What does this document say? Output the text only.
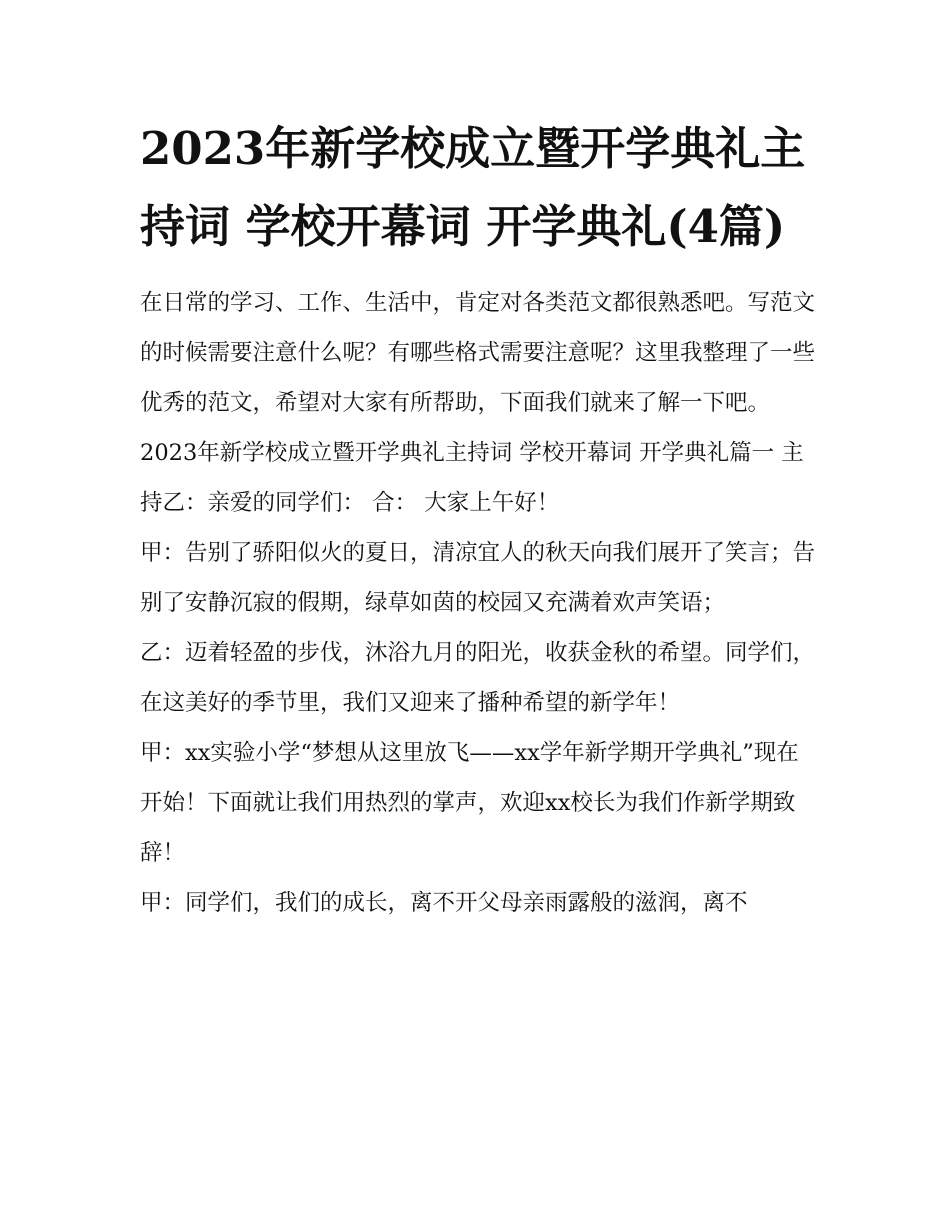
2023年新学校成立暨开学典礼主持词 学校开幕词 开学典礼(4篇)

在日常的学习、工作、生活中，肯定对各类范文都很熟悉吧。写范文的时候需要注意什么呢？有哪些格式需要注意呢？这里我整理了一些优秀的范文，希望对大家有所帮助，下面我们就来了解一下吧。

2023年新学校成立暨开学典礼主持词 学校开幕词 开学典礼篇一 主持乙：亲爱的同学们： 合： 大家上午好！

甲：告别了骄阳似火的夏日，清凉宜人的秋天向我们展开了笑言；告别了安静沉寂的假期，绿草如茵的校园又充满着欢声笑语；

乙：迈着轻盈的步伐，沐浴九月的阳光，收获金秋的希望。同学们，在这美好的季节里，我们又迎来了播种希望的新学年！

甲：xx实验小学“梦想从这里放飞——xx学年新学期开学典礼”现在开始！下面就让我们用热烈的掌声，欢迎xx校长为我们作新学期致辞！

甲：同学们，我们的成长，离不开父母亲雨露般的滋润，离不
